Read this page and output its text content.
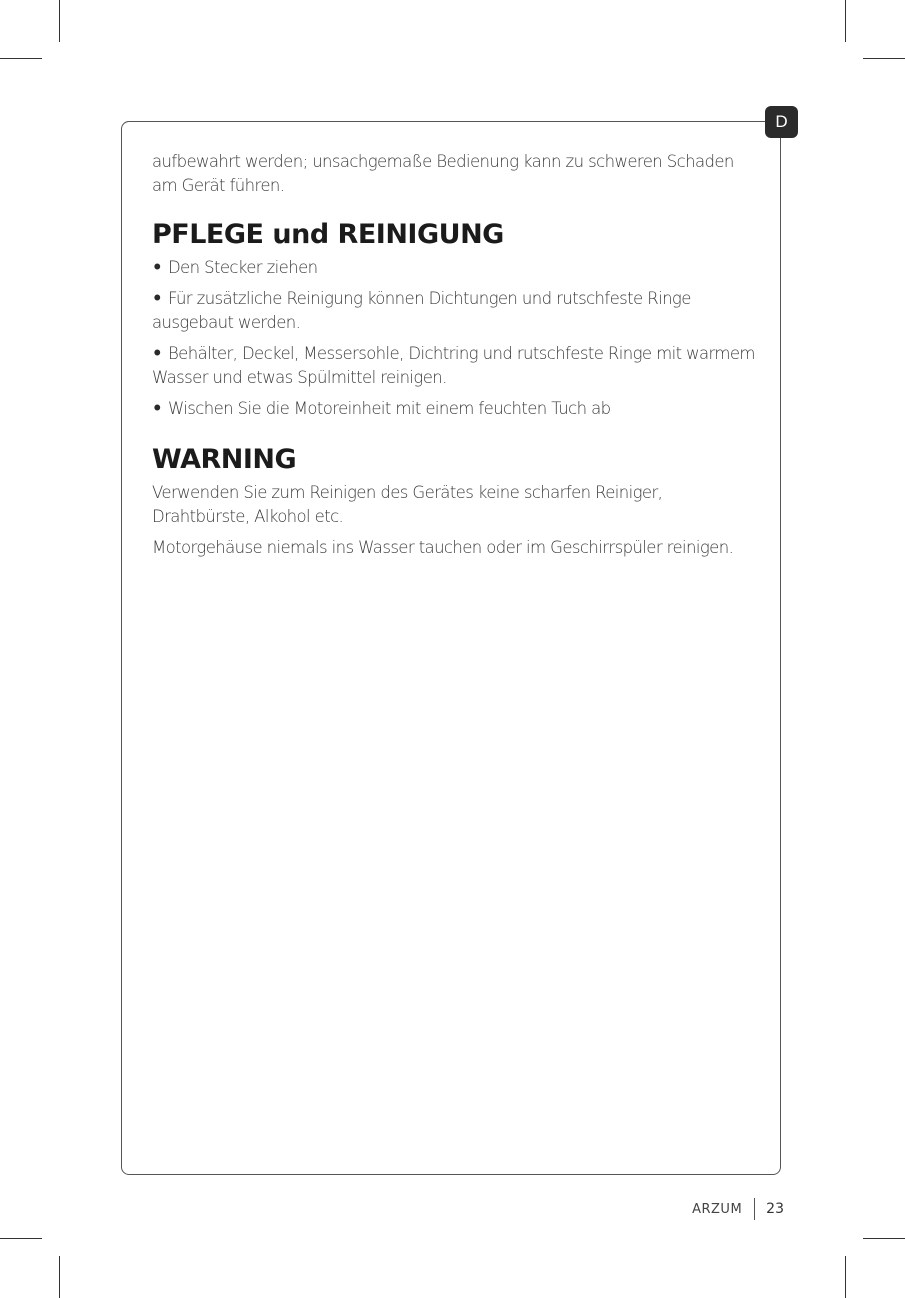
D

aufbewahrt werden; unsachgemaße Bedienung kann zu schweren Schaden am Gerät führen.

PFLEGE und REINIGUNG

• Den Stecker ziehen

• Für zusätzliche Reinigung können Dichtungen und rutschfeste Ringe ausgebaut werden.

• Behälter, Deckel, Messersohle, Dichtring und rutschfeste Ringe mit warmem Wasser und etwas Spülmittel reinigen.

• Wischen Sie die Motoreinheit mit einem feuchten Tuch ab

WARNING

Verwenden Sie zum Reinigen des Gerätes keine scharfen Reiniger, Drahtbürste, Alkohol etc.

Motorgehäuse niemals ins Wasser tauchen oder im Geschirrspüler reinigen.

ARZUM 23
